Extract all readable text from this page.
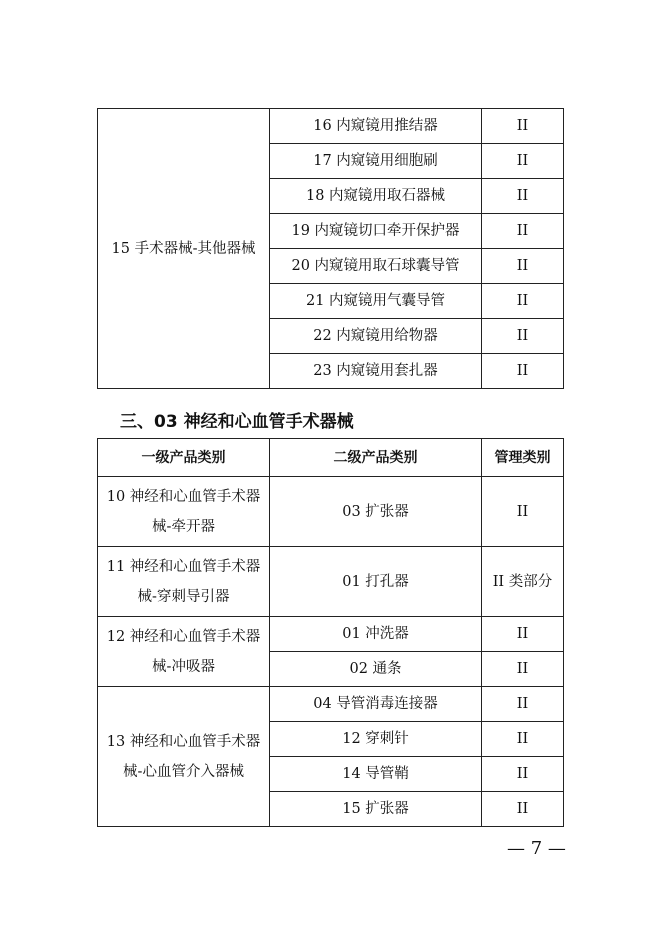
15 手术器械-其他器械	16 内窥镜用推结器	II
	17 内窥镜用细胞刷	II
	18 内窥镜用取石器械	II
	19 内窥镜切口牵开保护器	II
	20 内窥镜用取石球囊导管	II
	21 内窥镜用气囊导管	II
	22 内窥镜用给物器	II
	23 内窥镜用套扎器	II
三、03 神经和心血管手术器械
一级产品类别	二级产品类别	管理类别

10 神经和心血管手术器
械-牵开器	03 扩张器	II

11 神经和心血管手术器
械-穿刺导引器	01 打孔器	II 类部分

12 神经和心血管手术器
械-冲吸器	01 冲洗器	II
	02 通条	II

13 神经和心血管手术器
械-心血管介入器械	04 导管消毒连接器	II
	12 穿刺针	II
	14 导管鞘	II
	15 扩张器	II
— 7 —
